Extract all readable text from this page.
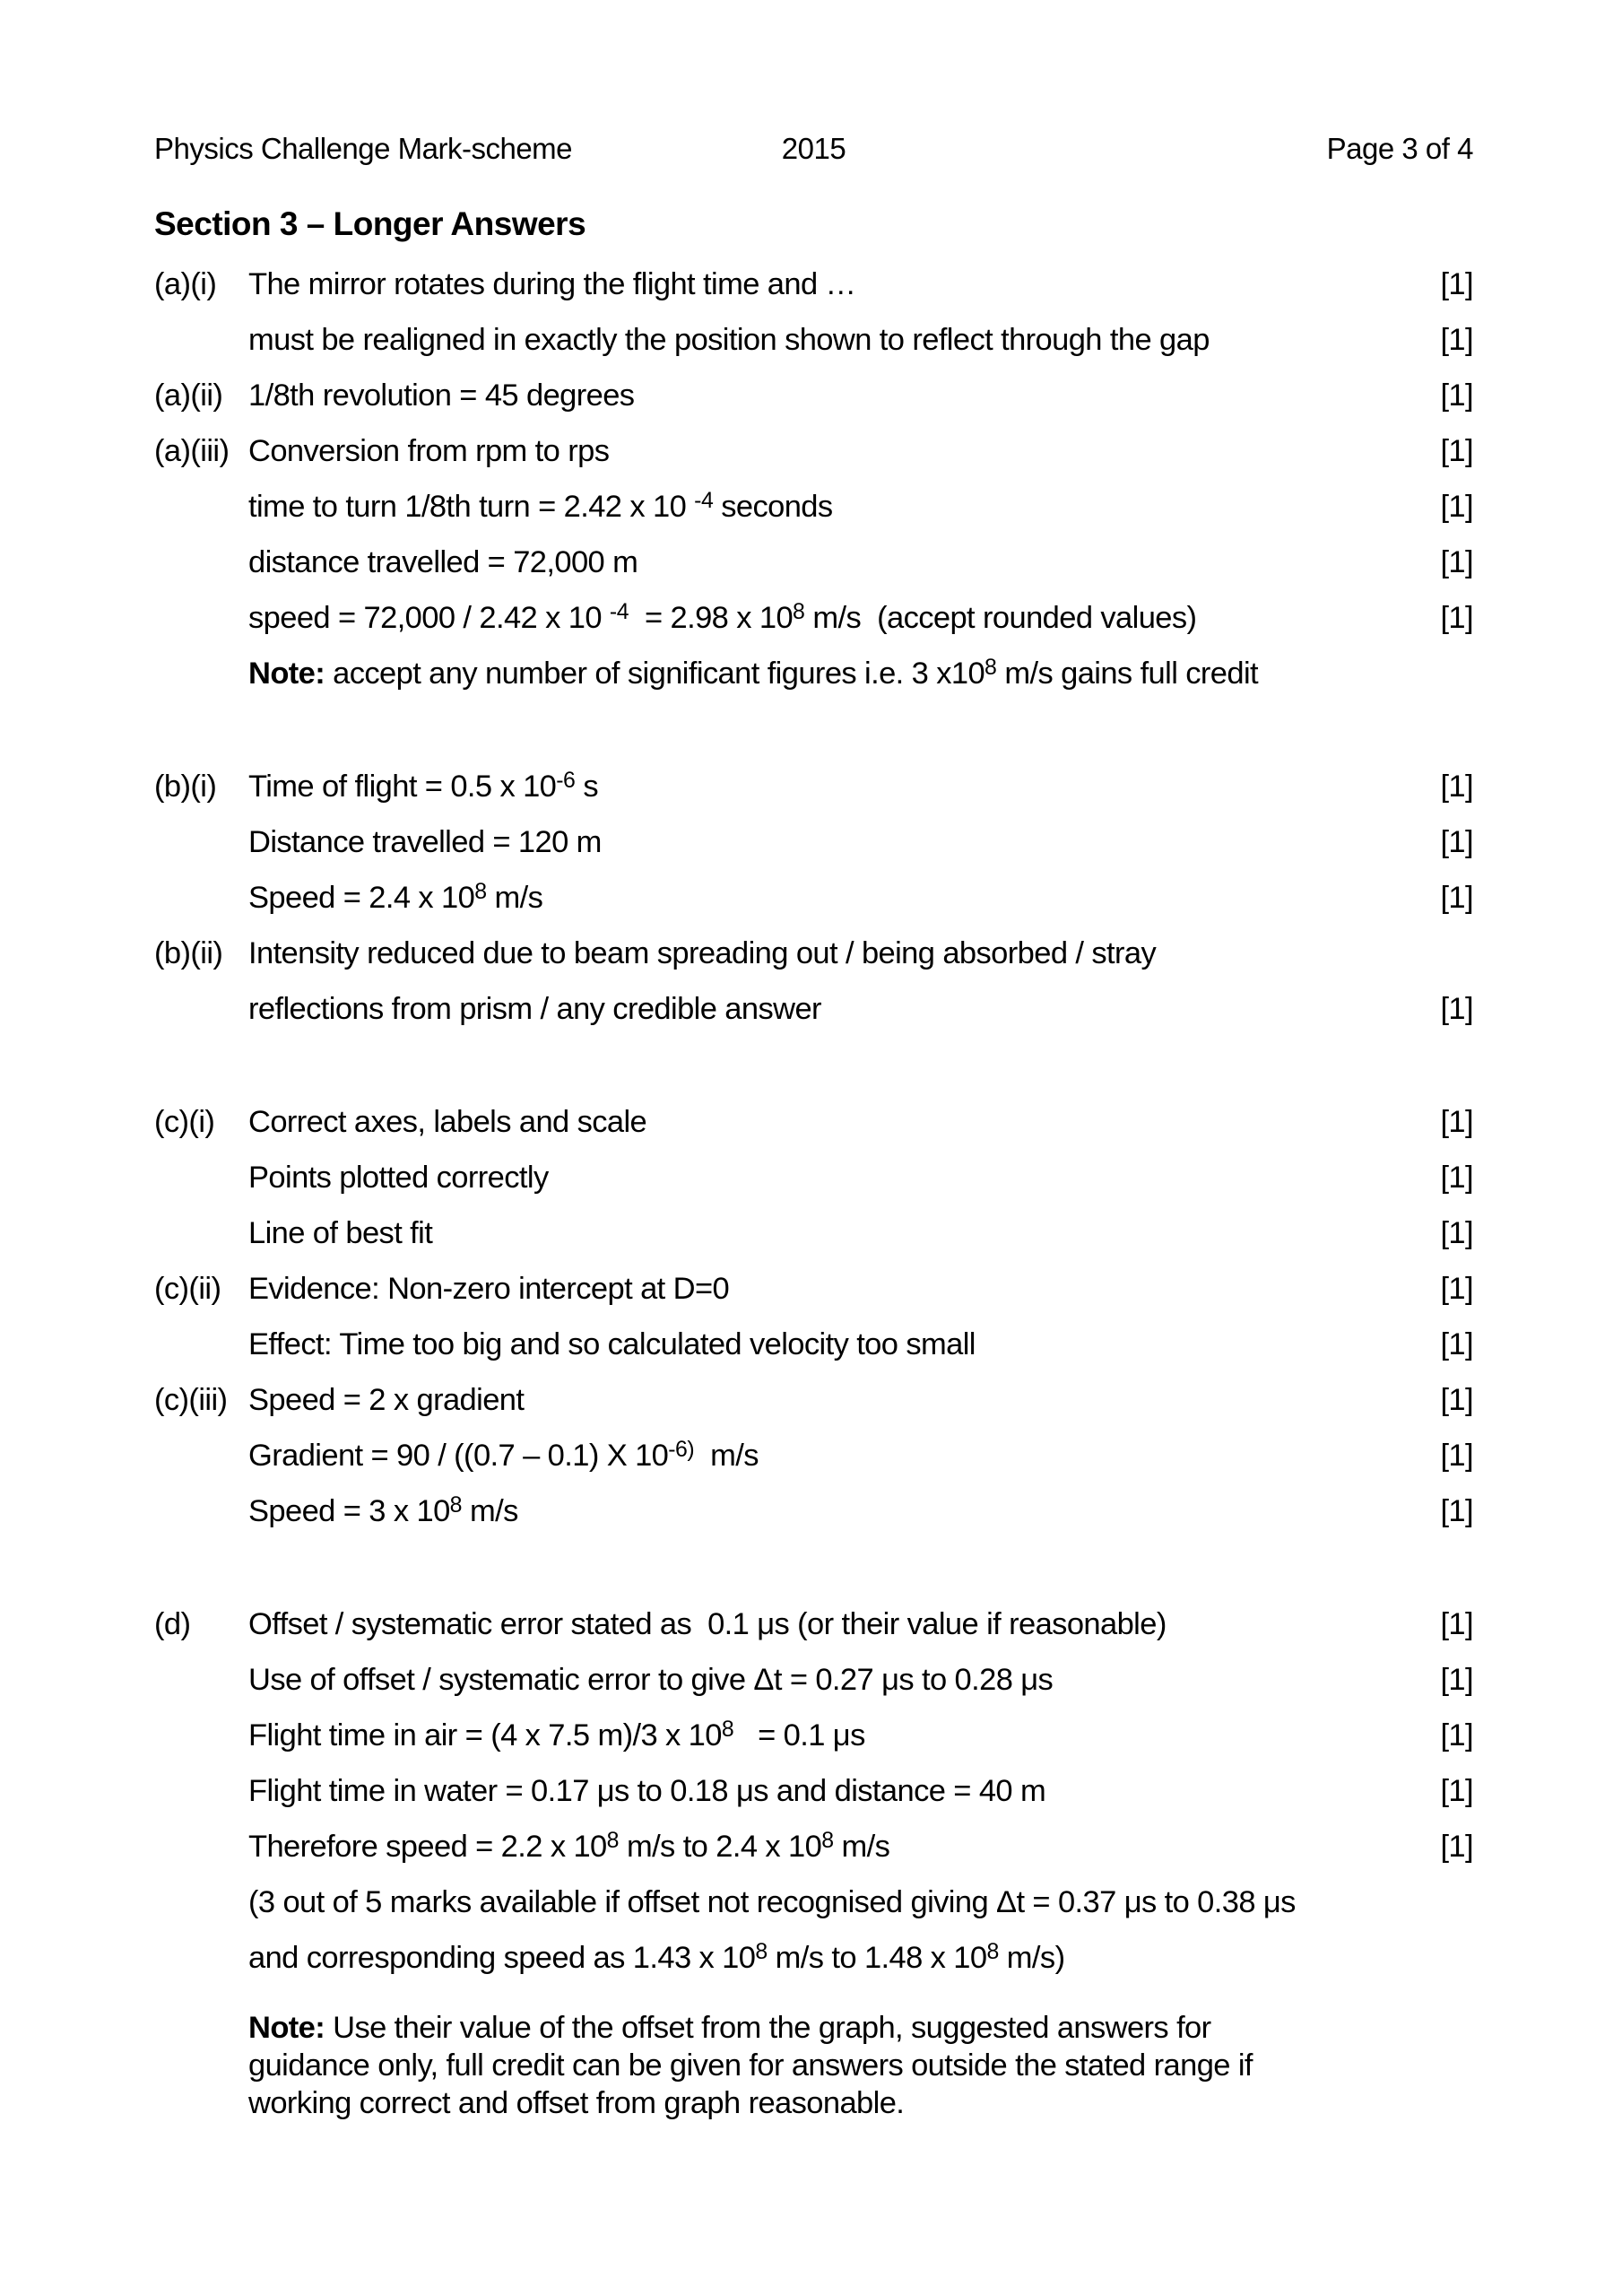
Physics Challenge Mark-scheme	2015	Page 3 of 4
Section 3 – Longer Answers
(a)(i)	The mirror rotates during the flight time and …	[1]
must be realigned in exactly the position shown to reflect through the gap	[1]
(a)(ii) 1/8th revolution = 45 degrees	[1]
(a)(iii) Conversion from rpm to rps	[1]
time to turn 1/8th turn = 2.42 x 10 $^{-4}$ seconds	[1]
distance travelled = 72,000 m	[1]
speed = 72,000 / 2.42 x 10 $^{-4}$  = 2.98 x $10^8$ m/s  (accept rounded values)	[1]
Note: accept any number of significant figures i.e. 3 $x10^8$ m/s gains full credit
(b)(i)	Time of flight = 0.5 x $10^{-6}$ s	[1]
Distance travelled = 120 m	[1]
Speed = 2.4 x $10^8$ m/s	[1]
(b)(ii) Intensity reduced due to beam spreading out / being absorbed / stray
reflections from prism / any credible answer	[1]
(c)(i)	Correct axes, labels and scale	[1]
Points plotted correctly	[1]
Line of best fit	[1]
(c)(ii) Evidence: Non-zero intercept at D=0	[1]
Effect: Time too big and so calculated velocity too small	[1]
(c)(iii) Speed = 2 x gradient	[1]
Gradient = 90 / ((0.7 – 0.1) X $10^{-6)}$  m/s	[1]
Speed = 3 x $10^8$ m/s	[1]
(d)	Offset / systematic error stated as  0.1 μs (or their value if reasonable)	[1]
Use of offset / systematic error to give Δt = 0.27 μs to 0.28 μs	[1]
Flight time in air = (4 x 7.5 m)/3 x $10^8 = 0.1$ μs	[1]
Flight time in water = 0.17 μs to 0.18 μs and distance = 40 m	[1]
Therefore speed = 2.2 x $10^8$ m/s to 2.4 x $10^8$ m/s	[1]
(3 out of 5 marks available if offset not recognised giving Δt = 0.37 μs to 0.38 μs
and corresponding speed as 1.43 x $10^8$ m/s to 1.48 x $10^8$ m/s)
Note: Use their value of the offset from the graph, suggested answers for
guidance only, full credit can be given for answers outside the stated range if
working correct and offset from graph reasonable.
